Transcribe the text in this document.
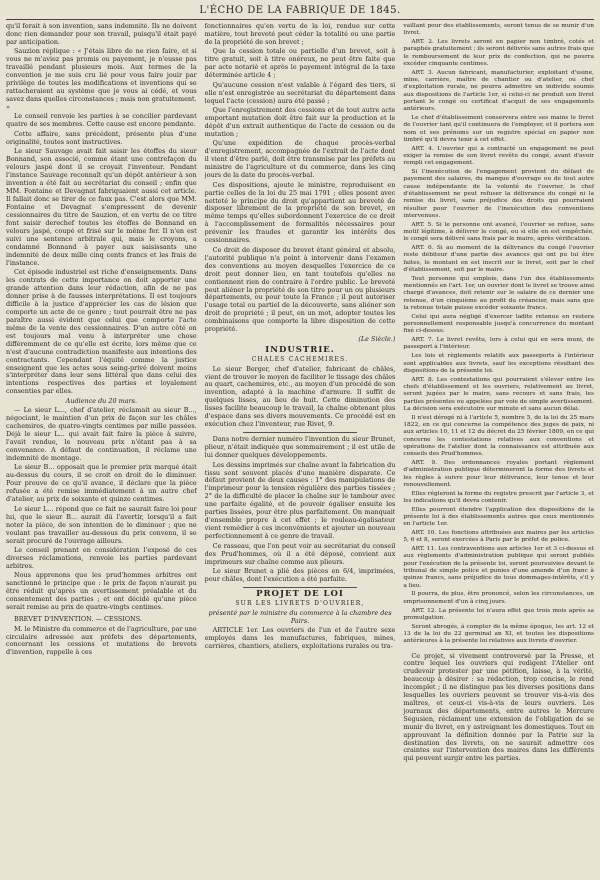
L'ÉCHO DE LA FABRIQUE DE 1845.

qu'il ferait à son invention, sans indemnité. Ils ne doivent donc rien demander pour son travail, puisqu'il était payé par anticipation.

Sauzion réplique : « J'étais libre de ne rien faire, et si vous ne m'aviez pas promis ou payement, je n'eusse pas travaillé pendant plusieurs mois. Aux termes de la convention je me suis cru lié pour vous faire jouir par privilège de toutes les modifications et inventions qui se rattacheraient au système que je vous ai cédé, et vous savez dans quelles circonstances ; mais non gratuitement. »

Le conseil renvoie les parties à se concilier pardevant quatre de ses membres. Cette cause est encore pendante.

Cette affaire, sans précédent, présente plus d'une originalité, toutes sont instructives.

Le sieur Sauvage avait fait saisir les étoffes du sieur Bonnand, son associé, comme étant une contrefaçon du velours jaspé dont il se croyait l'inventeur. Pendant l'instance Sauvage reconnaît qu'un dépôt antérieur à son invention a été fait au secrétariat du conseil ; enfin que MM. Fontaine et Devagnat fabriquaient aussi cet article. Il fallait donc se tirer de ce faux pas. C'est alors que MM. Fontaine et Devagnat s'empressent de devenir cessionnaires du titre de Sauzion, et en vertu de ce titre font saisir derechef toutes les étoffes de Bonnand en velours jaspé, coupé et frisé sur le même fer. Il n'en est suivi une sentence arbitrale qui, mais le croyons, a condamné Bonnand à payer aux saisissants une indemnité de deux mille cinq cents francs et les frais de l'instance.

Cet épisode industriel est riche d'enseignements. Dans les contrats de cette importance on doit apporter une grande attention dans leur rédaction, afin de ne pas donner prise à de fausses interprétations. Il est toujours difficile à la justice d'apprécier les cas de lésion que comporte un acte de ce genre ; tout pourrait être ne pas paraître aussi évident que celui que comporte l'acte même de la vente des cessionnaires. D'un autre côté on est toujours mal venu à interpréter une chose différemment de ce qu'elle est écrite, lors même que ce n'est d'aucune contradiction manifeste aux intentions des contractants. Cependant l'équité comme la justice enseignent que les actes sous seing-privé doivent moins s'interpréter dans leur sens littéral que dans celui des intentions respectives des parties et loyalement consenties par elles.

Audience du 20 mars.

— Le sieur L..., chef d'atelier, réclamait au sieur B..., négociant, le maintien d'un prix de façon sur les châles cachemires, de quatre-vingts centimes par mille passées. Déjà le sieur L... qui avait fait faire la pièce à suivre, l'avait rendue, le nouveau prix n'étant pas à sa convenance. A défaut de continuation, il réclame une indemnité de montage.

Le sieur B... opposait que le premier prix marqué était au-dessus du cours, il se croit en droit de le diminuer. Pour preuve de ce qu'il avance, il déclare que la pièce refusée a été remise immédiatement à un autre chef d'atelier, au prix de soixante et quinze centimes.

Le sieur L... répond que ce fait ne saurait faire loi pour lui, que le sieur B... aurait dû l'avertir, lorsqu'il a fait noter la pièce, de son intention de le diminuer ; que ne voulant pas travailler au-dessous du prix convenu, il se serait procuré de l'ouvrage ailleurs.

Le conseil prenant en considération l'exposé de ces diverses réclamations, renvoie les parties pardevant arbitres.

Nous apprenons que les prud'hommes arbitres ont sanctionné le principe que : le prix de façon n'aurait pu être réduit qu'après un avertissement préalable et du consentement des parties ; et ont décidé qu'une pièce serait remise au prix de quatre-vingts centimes.

BREVET D'INVENTION. — CESSIONS.

M. le Ministre du commerce et de l'agriculture, par une circulaire adressée aux préfets des départements, concernant les cessions et mutations de brevets d'invention, rappelle à ces

fonctionnaires qu'en vertu de la loi, rendue sur cette matière, tout breveté peut céder la totalité ou une partie de la propriété de son brevet ;

Que la cession totale ou partielle d'un brevet, soit à titre gratuit, soit à titre onéreux, ne peut être faite que par acte notarié et après le payement intégral de la taxe déterminée article 4 ;

Qu'aucune cession n'est valable à l'égard des tiers, si elle n'est enregistrée au secrétariat du département dans lequel l'acte (cession) aura été passé ;

Que l'enregistrement des cessions et de tout autre acte emportant mutation doit être fait sur la production et le dépôt d'un extrait authentique de l'acte de cession ou de mutation ;

Qu'une expédition de chaque procès-verbal d'enregistrement, accompagnée de l'extrait de l'acte dont il vient d'être parlé, doit être transmise par les préfets au ministre de l'agriculture et du commerce, dans les cinq jours de la date du procès-verbal.

Ces dispositions, ajoute le ministre, reproduisent en partie celles de la loi du 25 mai 1791 ; elles posent avec netteté le principe du droit qu'appartient au breveté de disposer librement de la propriété de son brevet, en même temps qu'elles subordonnent l'exercice de ce droit à l'accomplissement de formalités nécessaires pour prévenir les fraudes et garantir les intérêts des cessionnaires.

Ce droit de disposer du brevet étant général et absolu, l'autorité publique n'a point à intervenir dans l'examen des conventions au moyen desquelles l'exercice de ce droit peut donner lieu, en tant toutefois qu'elles ne contiennent rien de contraire à l'ordre public. Le breveté peut aliéner la propriété de son titre pour un ou plusieurs départements, ou pour toute la France ; il peut autoriser l'usage total ou partiel de la découverte, sans aliéner son droit de propriété ; il peut, en un mot, adopter toutes les combinaisons que comporte la libre disposition de cette propriété.

(Le Siècle.)

INDUSTRIE.
CHALES CACHEMIRES.

Le sieur Berger, chef d'atelier, fabricant de châles, vient de trouver le moyen de faciliter le tissage des châles au quart, cachemires, etc., au moyen d'un procédé de son invention, adapté à la machine d'armure. Il suffit de quelques lisses, au lieu de huit. Cette diminution des lisses facilite beaucoup le travail, la chaîne obtenant plus d'espace dans ses divers mouvements. Ce procédé est en exécution chez l'inventeur, rue Rivet, 9.

Dans notre dernier numéro l'invention du sieur Brunet, plieur, n'était indiquée que sommairement ; il est utile de lui donner quelques développements.

Les dessins imprimés sur chaîne avant la fabrication du tissu sont souvent placés d'une manière disparate. Ce défaut provient de deux causes : 1° des manipulations de l'imprimeur pour la tension régulière des parties tissées ; 2° de la difficulté de placer la chaîne sur le tambour avec une parfaite égalité, et de pouvoir égaliser ensuite les parties lissées, pour être plus parfaitement. On manquait d'ensemble propre à cet effet ; le rouleau-égalisateur vient remédier à ces inconvénients et ajouter un nouveau perfectionnement à ce genre de travail.

Ce rasseau, que l'on peut voir au secrétariat du conseil des Prud'hommes, où il a été déposé, convient aux imprimeurs sur chaîne comme aux plieurs.

Le sieur Brunet a plié des pièces en 6/4, imprimées, pour châles, dont l'exécution a été parfaite.

PROJET DE LOI
SUR LES LIVRETS D'OUVRIER,

présenté par le ministre du commerce à la chambre des Pairs.

ARTICLE 1er. Les ouvriers de l'un et de l'autre sexe employés dans les manufactures, fabriques, mines, carrières, chantiers, ateliers, exploitations rurales ou tra-

vaillant pour des établissements, seront tenus de se munir d'un livret.

ART. 2. Les livrets seront en papier non timbré, cotés et paraphés gratuitement ; ils seront délivrés sans autres frais que le remboursement de leur prix de confection, qui ne pourra excéder cinquante centimes.

ART. 3. Aucun fabricant, manufacturier, exploitant d'usine, mine, carrière, maître de chantier ou d'atelier, ou chef d'exploitation rurale, ne pourra admettre un individu soumis aux dispositions de l'article 1er, si celui-ci ne produit son livret portant le congé ou certificat d'acquit de ses engagements antérieurs.

Le chef d'établissement conservera entre ses mains le livret de l'ouvrier tant qu'il continuera de l'employer, et il portera son nom et ses prénoms sur un registre spécial en papier non timbré qu'il devra tenir à cet effet.

ART. 4. L'ouvrier qui a contracté un engagement ne peut exiger la remise de son livret revêtu du congé, avant d'avoir rempli cet engagement.

Si l'inexécution de l'engagement provient du défaut de payement des salaires, du manque d'ouvrage ou de tout autre cause indépendante de la volonté de l'ouvrier, le chef d'établissement ne peut refuser la délivrance du congé ni la remise du livret, sans préjudice des droits qui pourraient résulter pour l'ouvrier de l'inexécution des conventions intervenues.

ART. 5. Si le personne ont avancé, l'ouvrier se refuse, sans motif légitime, à délivrer le congé, ou si elle en est empêchée, le congé sera délivré sans frais par le maire, après vérification.

ART. 6. Si au moment de la délivrance du congé l'ouvrier reste débiteur d'une partie des avances qui ont pu lui être faites, le montant en est inscrit sur le livret, soit par le chef d'établissement, soit par le maire.

Tout personne qui emploie, dans l'un des établissements mentionnés en l'art. 1er, un ouvrier dont le livret se trouve ainsi chargé d'avances, doit retenir sur le salaire de ce dernier une retenue, d'un cinquième au profit du créancier, mais sans que la retenue totale puisse excéder soixante francs.

Celui qui aura négligé d'exercer ladite retenue en restera personnellement responsable jusqu'à concurrence du montant fixé ci-dessus.

ART. 7. Le livret revêtu, lors à celui qui en sera muni, de passeport à l'intérieur.

Les lois et règlements relatifs aux passeports à l'intérieur sont applicables aux livrets, sauf les exceptions résultant des dispositions de la présente loi.

ART. 8. Les contestations qui pourraient s'élever entre les chefs d'établissement et les ouvriers, relativement au livret, seront jugées par le maire, sans recours et sans frais, les parties présentes ou appelées par voie de simple avertissement. La décision sera exécutoire sur minute et sans aucun délai.

Il n'est dérogé ni à l'article 5, nombre 5, de la loi du 25 mars 1822, en ce qui concerne la compétence des juges de paix, ni aux articles 10, 11 et 12 du décret du 25 février 1809, en ce qui concerne les contestations relatives aux conventions et opérations de l'atelier dont la connaissance est attribuée aux conseils des Prud'hommes.

ART. 9. Des ordonnances royales portant règlement d'administration publique détermineront la forme des livrets et les règles à suivre pour leur délivrance, leur tenue et leur renouvellement.

Elles régleront la forme du registre prescrit par l'article 3, et les indications qu'il devra contenir.

Elles pourront étendre l'application des dispositions de la présente loi à des établissements autres que ceux mentionnés en l'article 1er.

ART. 10. Les fonctions attribuées aux maires par les articles 5, 6 et 8, seront exercées à Paris par le préfet de police.

ART. 11. Les contraventions aux articles 1er et 3 ci-dessus et aux règlements d'administration publique qui seront publiés pour l'exécution de la présente loi, seront poursuivies devant le tribunal de simple police et punies d'une amende d'un franc à quinze francs, sans préjudice de tous dommages-intérêts, s'il y a lieu.

Il pourra, de plus, être prononcé, selon les circonstances, un emprisonnement d'un à cinq jours.

ART. 12. La présente loi n'aura effet que trois mois après sa promulgation.

Seront abrogés, à compter de la même époque, les art. 12 et 13 de la loi du 22 germinal an XI, et toutes les dispositions antérieures à la présente loi relatives aux livrets d'ouvrier.

Ce projet, si vivement controversé par la Presse, et contre lequel les ouvriers qui redigent l'Atelier ont crudevoir protester par une pétition, laisse, à la vérité, beaucoup à désirer : sa rédaction, trop concise, le rend incomplet ; il ne distingue pas les diverses positions dans lesquelles les ouvriers peuvent se trouver vis-à-vis des maîtres, et ceux-ci vis-à-vis de leurs ouvriers. Les journaux des départements, entre autres le Mercure Ségusien, réclament une extension de l'obligation de se munir du livret, en y astreignant les domestiques. Tout en approuvant la définition donnée par la Patrie sur la destination des livrets, on ne saurait admettre ces craintes sur l'intervention des maires dans les différents qui peuvent surgir entre les parties.
